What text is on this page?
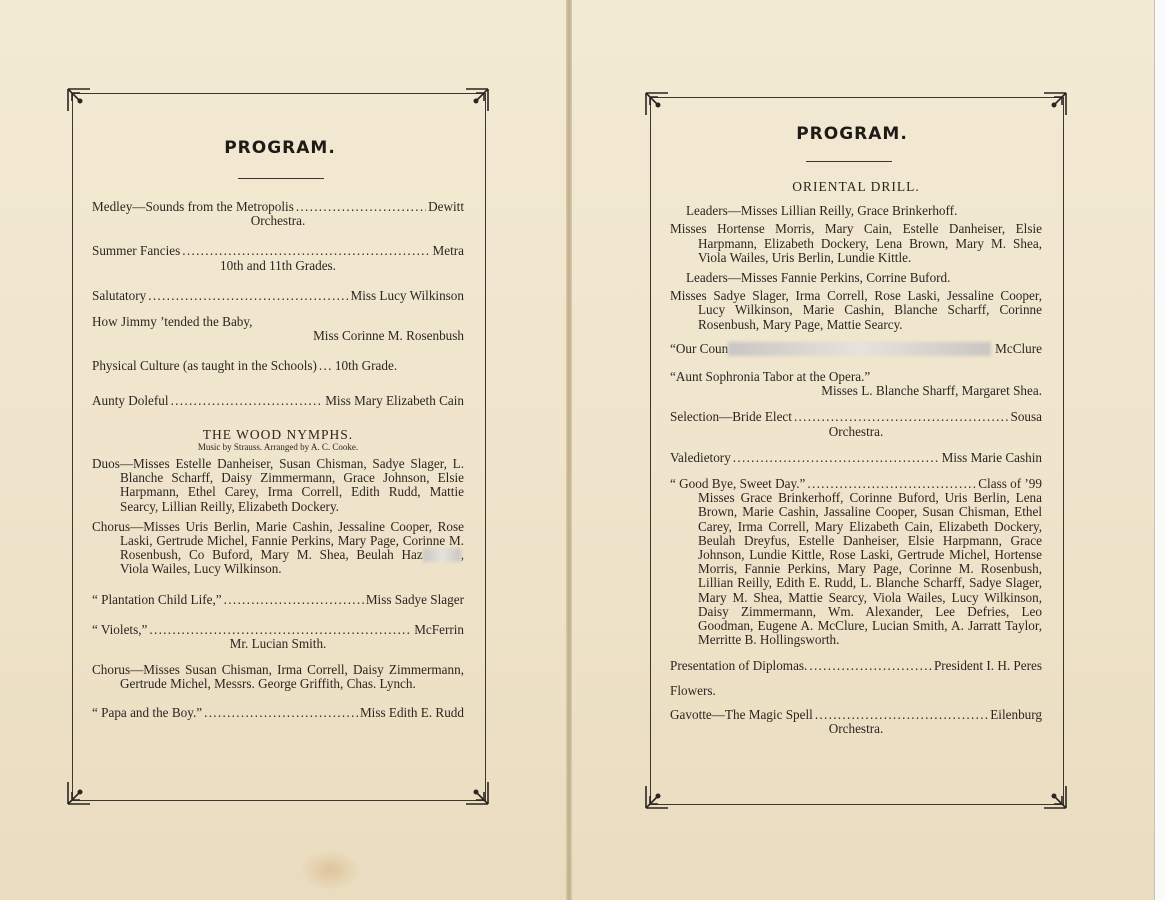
PROGRAM.
Medley—Sounds from the Metropolis . . .	Dewitt
Orchestra.
Summer Fancies . . .	Metra
10th and 11th Grades.
Salutatory . . .	Miss Lucy Wilkinson
How Jimmy ’tended the Baby,
Miss Corinne M. Rosenbush
Physical Culture (as taught in the Schools) . . . 10th Grade.
Aunty Doleful . . .	Miss Mary Elizabeth Cain
THE WOOD NYMPHS.
Music by Strauss. Arranged by A. C. Cooke.
Duos—Misses Estelle Danheiser, Susan Chisman, Sadye Slager, L. Blanche Scharff, Daisy Zimmermann, Grace Johnson, Elsie Harpmann, Ethel Carey, Irma Correll, Edith Rudd, Mattie Searcy, Lillian Reilly, Elizabeth Dockery.
Chorus—Misses Uris Berlin, Marie Cashin, Jessaline Cooper, Rose Laski, Gertrude Michel, Fannie Perkins, Mary Page, Corinne M. Rosenbush, Co Buford, Mary M. Shea, Beulah Haz	, Viola Wailes, Lucy Wilkinson.
“ Plantation Child Life,” . . .	Miss Sadye Slager
“ Violets,” . . .	McFerrin
Mr. Lucian Smith.
Chorus—Misses Susan Chisman, Irma Correll, Daisy Zimmermann, Gertrude Michel, Messrs. George Griffith, Chas. Lynch.
“ Papa and the Boy.” . . .	Miss Edith E. Rudd
PROGRAM.
ORIENTAL DRILL.
Leaders—Misses Lillian Reilly, Grace Brinkerhoff.
Misses Hortense Morris, Mary Cain, Estelle Danheiser, Elsie Harpmann, Elizabeth Dockery, Lena Brown, Mary M. Shea, Viola Wailes, Uris Berlin, Lundie Kittle.
Leaders—Misses Fannie Perkins, Corrine Buford.
Misses Sadye Slager, Irma Correll, Rose Laski, Jessaline Cooper, Lucy Wilkinson, Marie Cashin, Blanche Scharff, Corinne Rosenbush, Mary Page, Mattie Searcy.
“Our Coun	McClure
“Aunt Sophronia Tabor at the Opera.”
Misses L. Blanche Sharff, Margaret Shea.
Selection—Bride Elect . . .	Sousa
Orchestra.
Valedietory . . .	Miss Marie Cashin
“ Good Bye, Sweet Day.” . . .	Class of ’99
Misses Grace Brinkerhoff, Corinne Buford, Uris Berlin, Lena Brown, Marie Cashin, Jassaline Cooper, Susan Chisman, Ethel Carey, Irma Correll, Mary Elizabeth Cain, Elizabeth Dockery, Beulah Dreyfus, Estelle Danheiser, Elsie Harpmann, Grace Johnson, Lundie Kittle, Rose Laski, Gertrude Michel, Hortense Morris, Fannie Perkins, Mary Page, Corinne M. Rosenbush, Lillian Reilly, Edith E. Rudd, L. Blanche Scharff, Sadye Slager, Mary M. Shea, Mattie Searcy, Viola Wailes, Lucy Wilkinson, Daisy Zimmermann, Wm. Alexander, Lee Defries, Leo Goodman, Eugene A. McClure, Lucian Smith, A. Jarratt Taylor, Merritte B. Hollingsworth.
Presentation of Diplomas. . . .	President I. H. Peres
Flowers.
Gavotte—The Magic Spell . . .	Eilenburg
Orchestra.
